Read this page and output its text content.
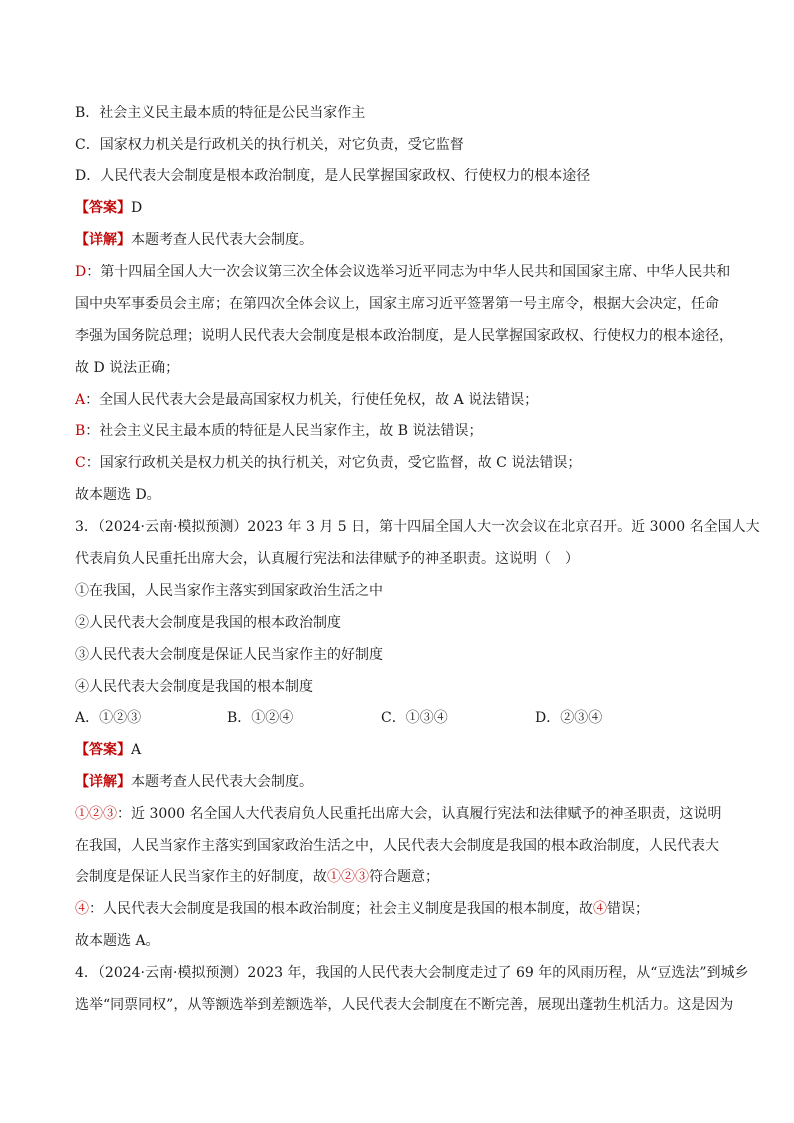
B．社会主义民主最本质的特征是公民当家作主
C．国家权力机关是行政机关的执行机关，对它负责，受它监督
D．人民代表大会制度是根本政治制度，是人民掌握国家政权、行使权力的根本途径
【答案】D
【详解】本题考查人民代表大会制度。
D：第十四届全国人大一次会议第三次全体会议选举习近平同志为中华人民共和国国家主席、中华人民共和
国中央军事委员会主席；在第四次全体会议上，国家主席习近平签署第一号主席令，根据大会决定，任命
李强为国务院总理；说明人民代表大会制度是根本政治制度，是人民掌握国家政权、行使权力的根本途径，
故 D 说法正确；
A：全国人民代表大会是最高国家权力机关，行使任免权，故 A 说法错误；
B：社会主义民主最本质的特征是人民当家作主，故 B 说法错误；
C：国家行政机关是权力机关的执行机关，对它负责，受它监督，故 C 说法错误；
故本题选 D。
3．（2024·云南·模拟预测）2023 年 3 月 5 日，第十四届全国人大一次会议在北京召开。近 3000 名全国人大
代表肩负人民重托出席大会，认真履行宪法和法律赋予的神圣职责。这说明（　）
①在我国，人民当家作主落实到国家政治生活之中
②人民代表大会制度是我国的根本政治制度
③人民代表大会制度是保证人民当家作主的好制度
④人民代表大会制度是我国的根本制度
A．①②③	B．①②④	C．①③④	D．②③④
【答案】A
【详解】本题考查人民代表大会制度。
①②③：近 3000 名全国人大代表肩负人民重托出席大会，认真履行宪法和法律赋予的神圣职责，这说明
在我国，人民当家作主落实到国家政治生活之中，人民代表大会制度是我国的根本政治制度，人民代表大
会制度是保证人民当家作主的好制度，故①②③符合题意；
④：人民代表大会制度是我国的根本政治制度；社会主义制度是我国的根本制度，故④错误；
故本题选 A。
4．（2024·云南·模拟预测）2023 年，我国的人民代表大会制度走过了 69 年的风雨历程，从“豆选法”到城乡
选举“同票同权”，从等额选举到差额选举，人民代表大会制度在不断完善，展现出蓬勃生机活力。这是因为
